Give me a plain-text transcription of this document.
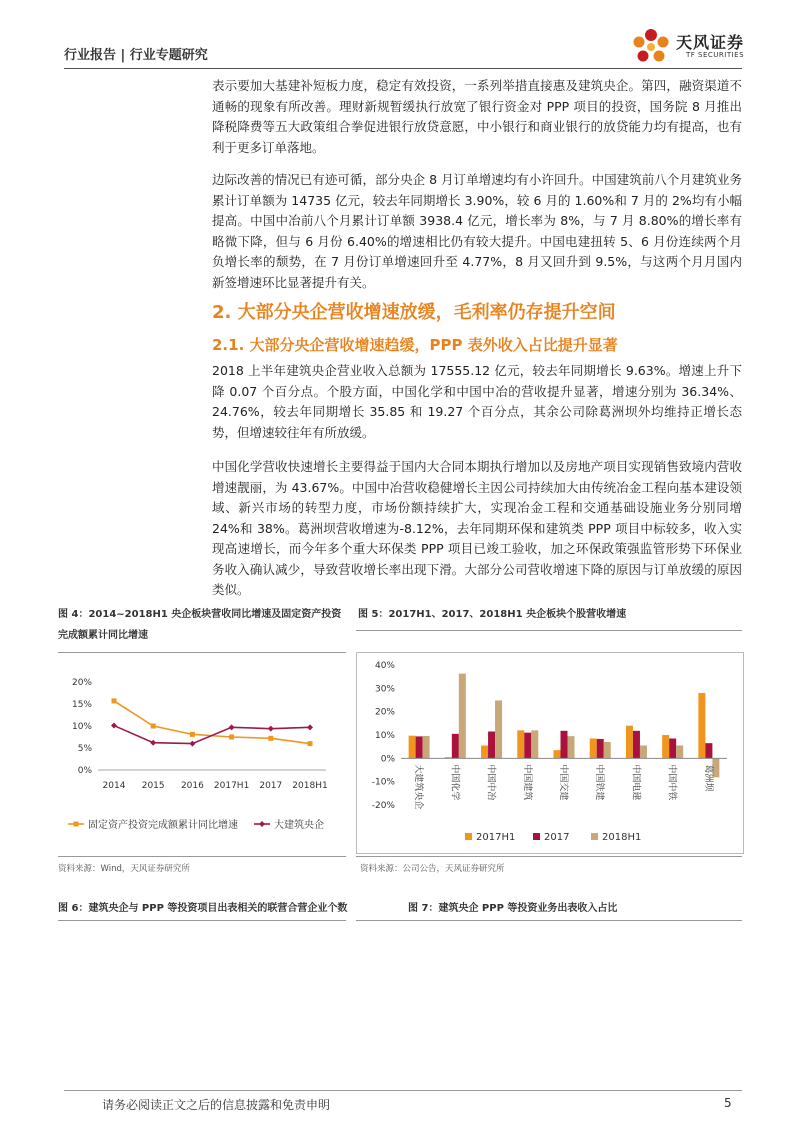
行业报告 | 行业专题研究
天风证券
TF SECURITIES

表示要加大基建补短板力度，稳定有效投资，一系列举措直接惠及建筑央企。第四，融资渠道不通畅的现象有所改善。理财新规暂缓执行放宽了银行资金对 PPP 项目的投资，国务院 8 月推出降税降费等五大政策组合拳促进银行放贷意愿，中小银行和商业银行的放贷能力均有提高，也有利于更多订单落地。

边际改善的情况已有迹可循，部分央企 8 月订单增速均有小许回升。中国建筑前八个月建筑业务累计订单额为 14735 亿元，较去年同期增长 3.90%，较 6 月的 1.60%和 7 月的 2%均有小幅提高。中国中冶前八个月累计订单额 3938.4 亿元，增长率为 8%，与 7 月 8.80%的增长率有略微下降，但与 6 月份 6.40%的增速相比仍有较大提升。中国电建扭转 5、6 月份连续两个月负增长率的颓势，在 7 月份订单增速回升至 4.77%，8 月又回升到 9.5%，与这两个月月国内新签增速环比显著提升有关。

2. 大部分央企营收增速放缓，毛利率仍存提升空间
2.1. 大部分央企营收增速趋缓，PPP 表外收入占比提升显著

2018 上半年建筑央企营业收入总额为 17555.12 亿元，较去年同期增长 9.63%。增速上升下降 0.07 个百分点。个股方面，中国化学和中国中冶的营收提升显著，增速分别为 36.34%、24.76%，较去年同期增长 35.85 和 19.27 个百分点，其余公司除葛洲坝外均维持正增长态势，但增速较往年有所放缓。

中国化学营收快速增长主要得益于国内大合同本期执行增加以及房地产项目实现销售致境内营收增速靓丽，为 43.67%。中国中冶营收稳健增长主因公司持续加大由传统冶金工程向基本建设领域、新兴市场的转型力度，市场份额持续扩大，实现冶金工程和交通基础设施业务分别同增 24%和 38%。葛洲坝营收增速为-8.12%，去年同期环保和建筑类 PPP 项目中标较多，收入实现高速增长，而今年多个重大环保类 PPP 项目已竣工验收，加之环保政策强监管形势下环保业务收入确认减少，导致营收增长率出现下滑。大部分公司营收增速下降的原因与订单放缓的原因类似。

图 4：2014~2018H1 央企板块营收同比增速及固定资产投资完成额累计同比增速
20%
15%
10%
5%
0%
2014 2015 2016 2017H1 2017 2018H1
固定资产投资完成额累计同比增速	大建筑央企
资料来源：Wind，天风证券研究所
图 5：2017H1、2017、2018H1 央企板块个股营收增速
40%
30%
20%
10%
0%
-10%
-20% 大建筑央企	中国化学	中国中冶	中国建筑	中国交建	中国铁建	中国电建	中国中铁	葛洲坝
2017H1	2017	2018H1
资料来源：公司公告，天风证券研究所
图 6：建筑央企与 PPP 等投资项目出表相关的联营合营企业个数	图 7：建筑央企 PPP 等投资业务出表收入占比
请务必阅读正文之后的信息披露和免责申明	5
